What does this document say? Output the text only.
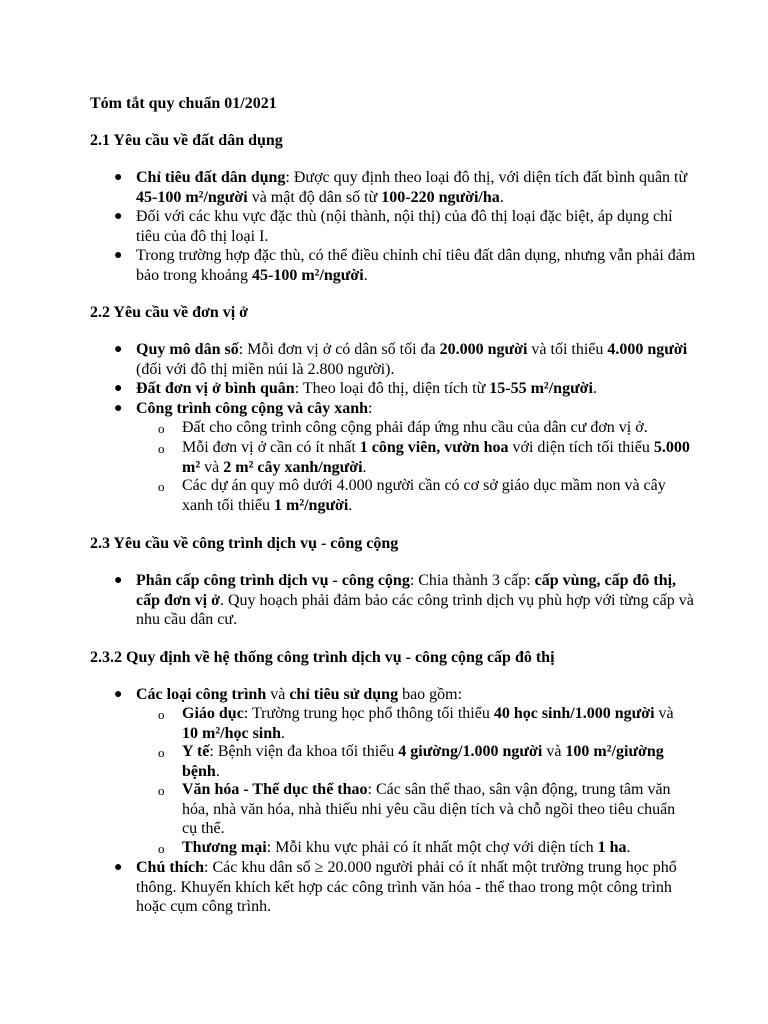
Tóm tắt quy chuẩn 01/2021
2.1 Yêu cầu về đất dân dụng
● Chỉ tiêu đất dân dụng: Được quy định theo loại đô thị, với diện tích đất bình quân từ 45-100 m²/người và mật độ dân số từ 100-220 người/ha.
● Đối với các khu vực đặc thù (nội thành, nội thị) của đô thị loại đặc biệt, áp dụng chỉ tiêu của đô thị loại I.
● Trong trường hợp đặc thù, có thể điều chỉnh chỉ tiêu đất dân dụng, nhưng vẫn phải đảm bảo trong khoảng 45-100 m²/người.
2.2 Yêu cầu về đơn vị ở
● Quy mô dân số: Mỗi đơn vị ở có dân số tối đa 20.000 người và tối thiểu 4.000 người (đối với đô thị miền núi là 2.800 người).
● Đất đơn vị ở bình quân: Theo loại đô thị, diện tích từ 15-55 m²/người.
● Công trình công cộng và cây xanh:
o Đất cho công trình công cộng phải đáp ứng nhu cầu của dân cư đơn vị ở.
o Mỗi đơn vị ở cần có ít nhất 1 công viên, vườn hoa với diện tích tối thiểu 5.000 m² và 2 m² cây xanh/người.
o Các dự án quy mô dưới 4.000 người cần có cơ sở giáo dục mầm non và cây xanh tối thiểu 1 m²/người.
2.3 Yêu cầu về công trình dịch vụ - công cộng
● Phân cấp công trình dịch vụ - công cộng: Chia thành 3 cấp: cấp vùng, cấp đô thị, cấp đơn vị ở. Quy hoạch phải đảm bảo các công trình dịch vụ phù hợp với từng cấp và nhu cầu dân cư.
2.3.2 Quy định về hệ thống công trình dịch vụ - công cộng cấp đô thị
● Các loại công trình và chỉ tiêu sử dụng bao gồm:
o Giáo dục: Trường trung học phổ thông tối thiểu 40 học sinh/1.000 người và 10 m²/học sinh.
o Y tế: Bệnh viện đa khoa tối thiểu 4 giường/1.000 người và 100 m²/giường bệnh.
o Văn hóa - Thể dục thể thao: Các sân thể thao, sân vận động, trung tâm văn hóa, nhà văn hóa, nhà thiếu nhi yêu cầu diện tích và chỗ ngồi theo tiêu chuẩn cụ thể.
o Thương mại: Mỗi khu vực phải có ít nhất một chợ với diện tích 1 ha.
● Chú thích: Các khu dân số ≥ 20.000 người phải có ít nhất một trường trung học phổ thông. Khuyến khích kết hợp các công trình văn hóa - thể thao trong một công trình hoặc cụm công trình.
